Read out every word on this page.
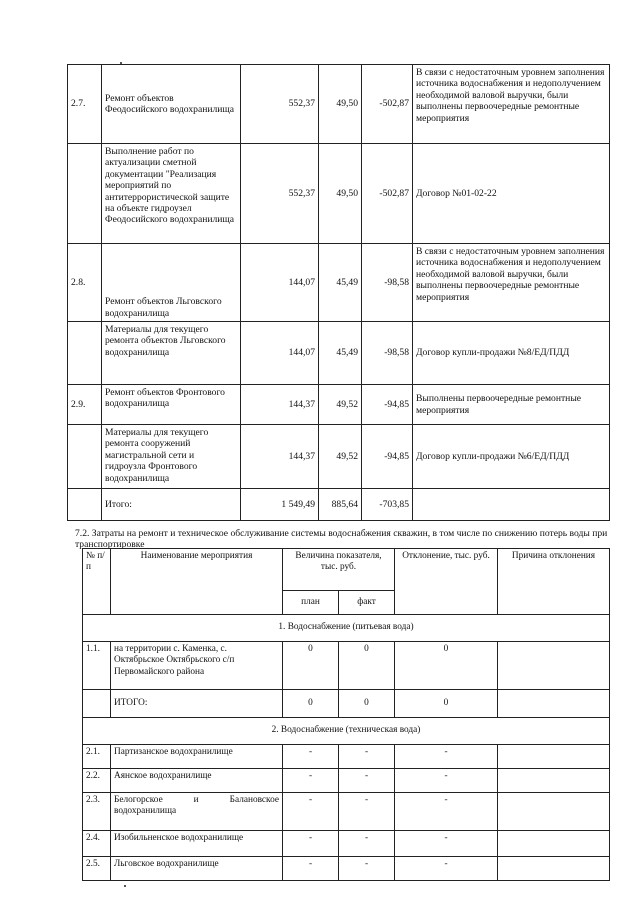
2.7.	Ремонт объектов Феодосийского водохранилища	552,37	49,50	-502,87	В связи с недостаточным уровнем заполнения источника водоснабжения и недополучением необходимой валовой выручки, были выполнены первоочередные ремонтные мероприятия
	Выполнение работ по актуализации сметной документации "Реализация мероприятий по антитеррористической защите на объекте гидроузел Феодосийского водохранилища	552,37	49,50	-502,87	Договор №01-02-22
2.8.	Ремонт объектов Льговского водохранилища	144,07	45,49	-98,58	В связи с недостаточным уровнем заполнения источника водоснабжения и недополучением необходимой валовой выручки, были выполнены первоочередные ремонтные мероприятия
	Материалы для текущего ремонта объектов Льговского водохранилища	144,07	45,49	-98,58	Договор купли-продажи №8/ЕД/ПДД
2.9.	Ремонт объектов Фронтового водохранилища	144,37	49,52	-94,85	Выполнены первоочередные ремонтные мероприятия
	Материалы для текущего ремонта сооружений магистральной сети и гидроузла Фронтового водохранилища	144,37	49,52	-94,85	Договор купли-продажи №6/ЕД/ПДД
	Итого:	1 549,49	885,64	-703,85	
7.2. Затраты на ремонт и техническое обслуживание системы водоснабжения скважин, в том числе по снижению потерь воды при транспортировке
№ п/п	Наименование мероприятия	Величина показателя, тыс. руб.		Отклонение, тыс. руб.	Причина отклонения
		план	факт		
1. Водоснабжение (питьевая вода)					
1.1.	на территории с. Каменка, с. Октябрьское Октябрьского с/п Первомайского района	0	0	0	
	ИТОГО:	0	0	0	
2. Водоснабжение (техническая вода)					
2.1.	Партизанское водохранилище	-	-	-	
2.2.	Аянское водохранилище	-	-	-	
2.3.	Белогорское и Балановское водохранилища	-	-	-	
2.4.	Изобильненское водохранилище	-	-	-	
2.5.	Льговское водохранилище	-	-	-	
